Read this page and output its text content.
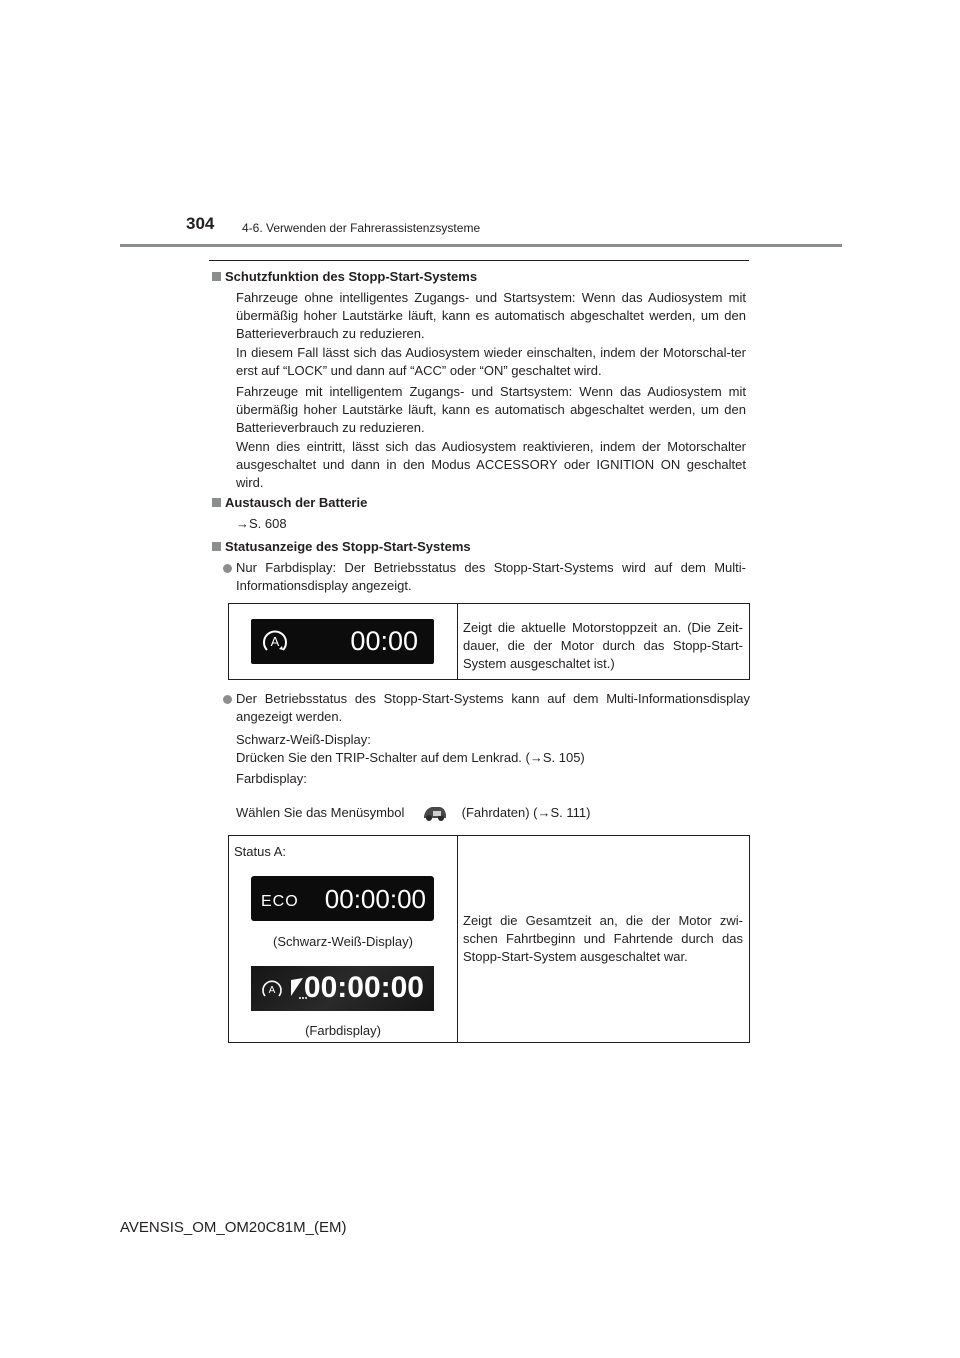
304 4-6. Verwenden der Fahrerassistenzsysteme
Schutzfunktion des Stopp-Start-Systems
Fahrzeuge ohne intelligentes Zugangs- und Startsystem: Wenn das Audiosystem mit übermäßig hoher Lautstärke läuft, kann es automatisch abgeschaltet werden, um den Batterieverbrauch zu reduzieren.
In diesem Fall lässt sich das Audiosystem wieder einschalten, indem der Motorschal-ter erst auf “LOCK” und dann auf “ACC” oder “ON” geschaltet wird.
Fahrzeuge mit intelligentem Zugangs- und Startsystem: Wenn das Audiosystem mit übermäßig hoher Lautstärke läuft, kann es automatisch abgeschaltet werden, um den Batterieverbrauch zu reduzieren.
Wenn dies eintritt, lässt sich das Audiosystem reaktivieren, indem der Motorschalter ausgeschaltet und dann in den Modus ACCESSORY oder IGNITION ON geschaltet wird.
Austausch der Batterie
→S. 608
Statusanzeige des Stopp-Start-Systems
Nur Farbdisplay: Der Betriebsstatus des Stopp-Start-Systems wird auf dem Multi-Informationsdisplay angezeigt.
A	00:00	Zeigt die aktuelle Motorstoppzeit an. (Die Zeit-dauer, die der Motor durch das Stopp-Start-System ausgeschaltet ist.)
Der Betriebsstatus des Stopp-Start-Systems kann auf dem Multi-Informationsdisplay angezeigt werden.
Schwarz-Weiß-Display:
Drücken Sie den TRIP-Schalter auf dem Lenkrad. (→S. 105)
Farbdisplay:
Wählen Sie das Menüsymbol	(Fahrdaten) (→S. 111)
Status A:
ECO 00:00:00
(Schwarz-Weiß-Display)
A 00:00:00
(Farbdisplay)

Zeigt die Gesamtzeit an, die der Motor zwi-schen Fahrtbeginn und Fahrtende durch das Stopp-Start-System ausgeschaltet war.
AVENSIS_OM_OM20C81M_(EM)
